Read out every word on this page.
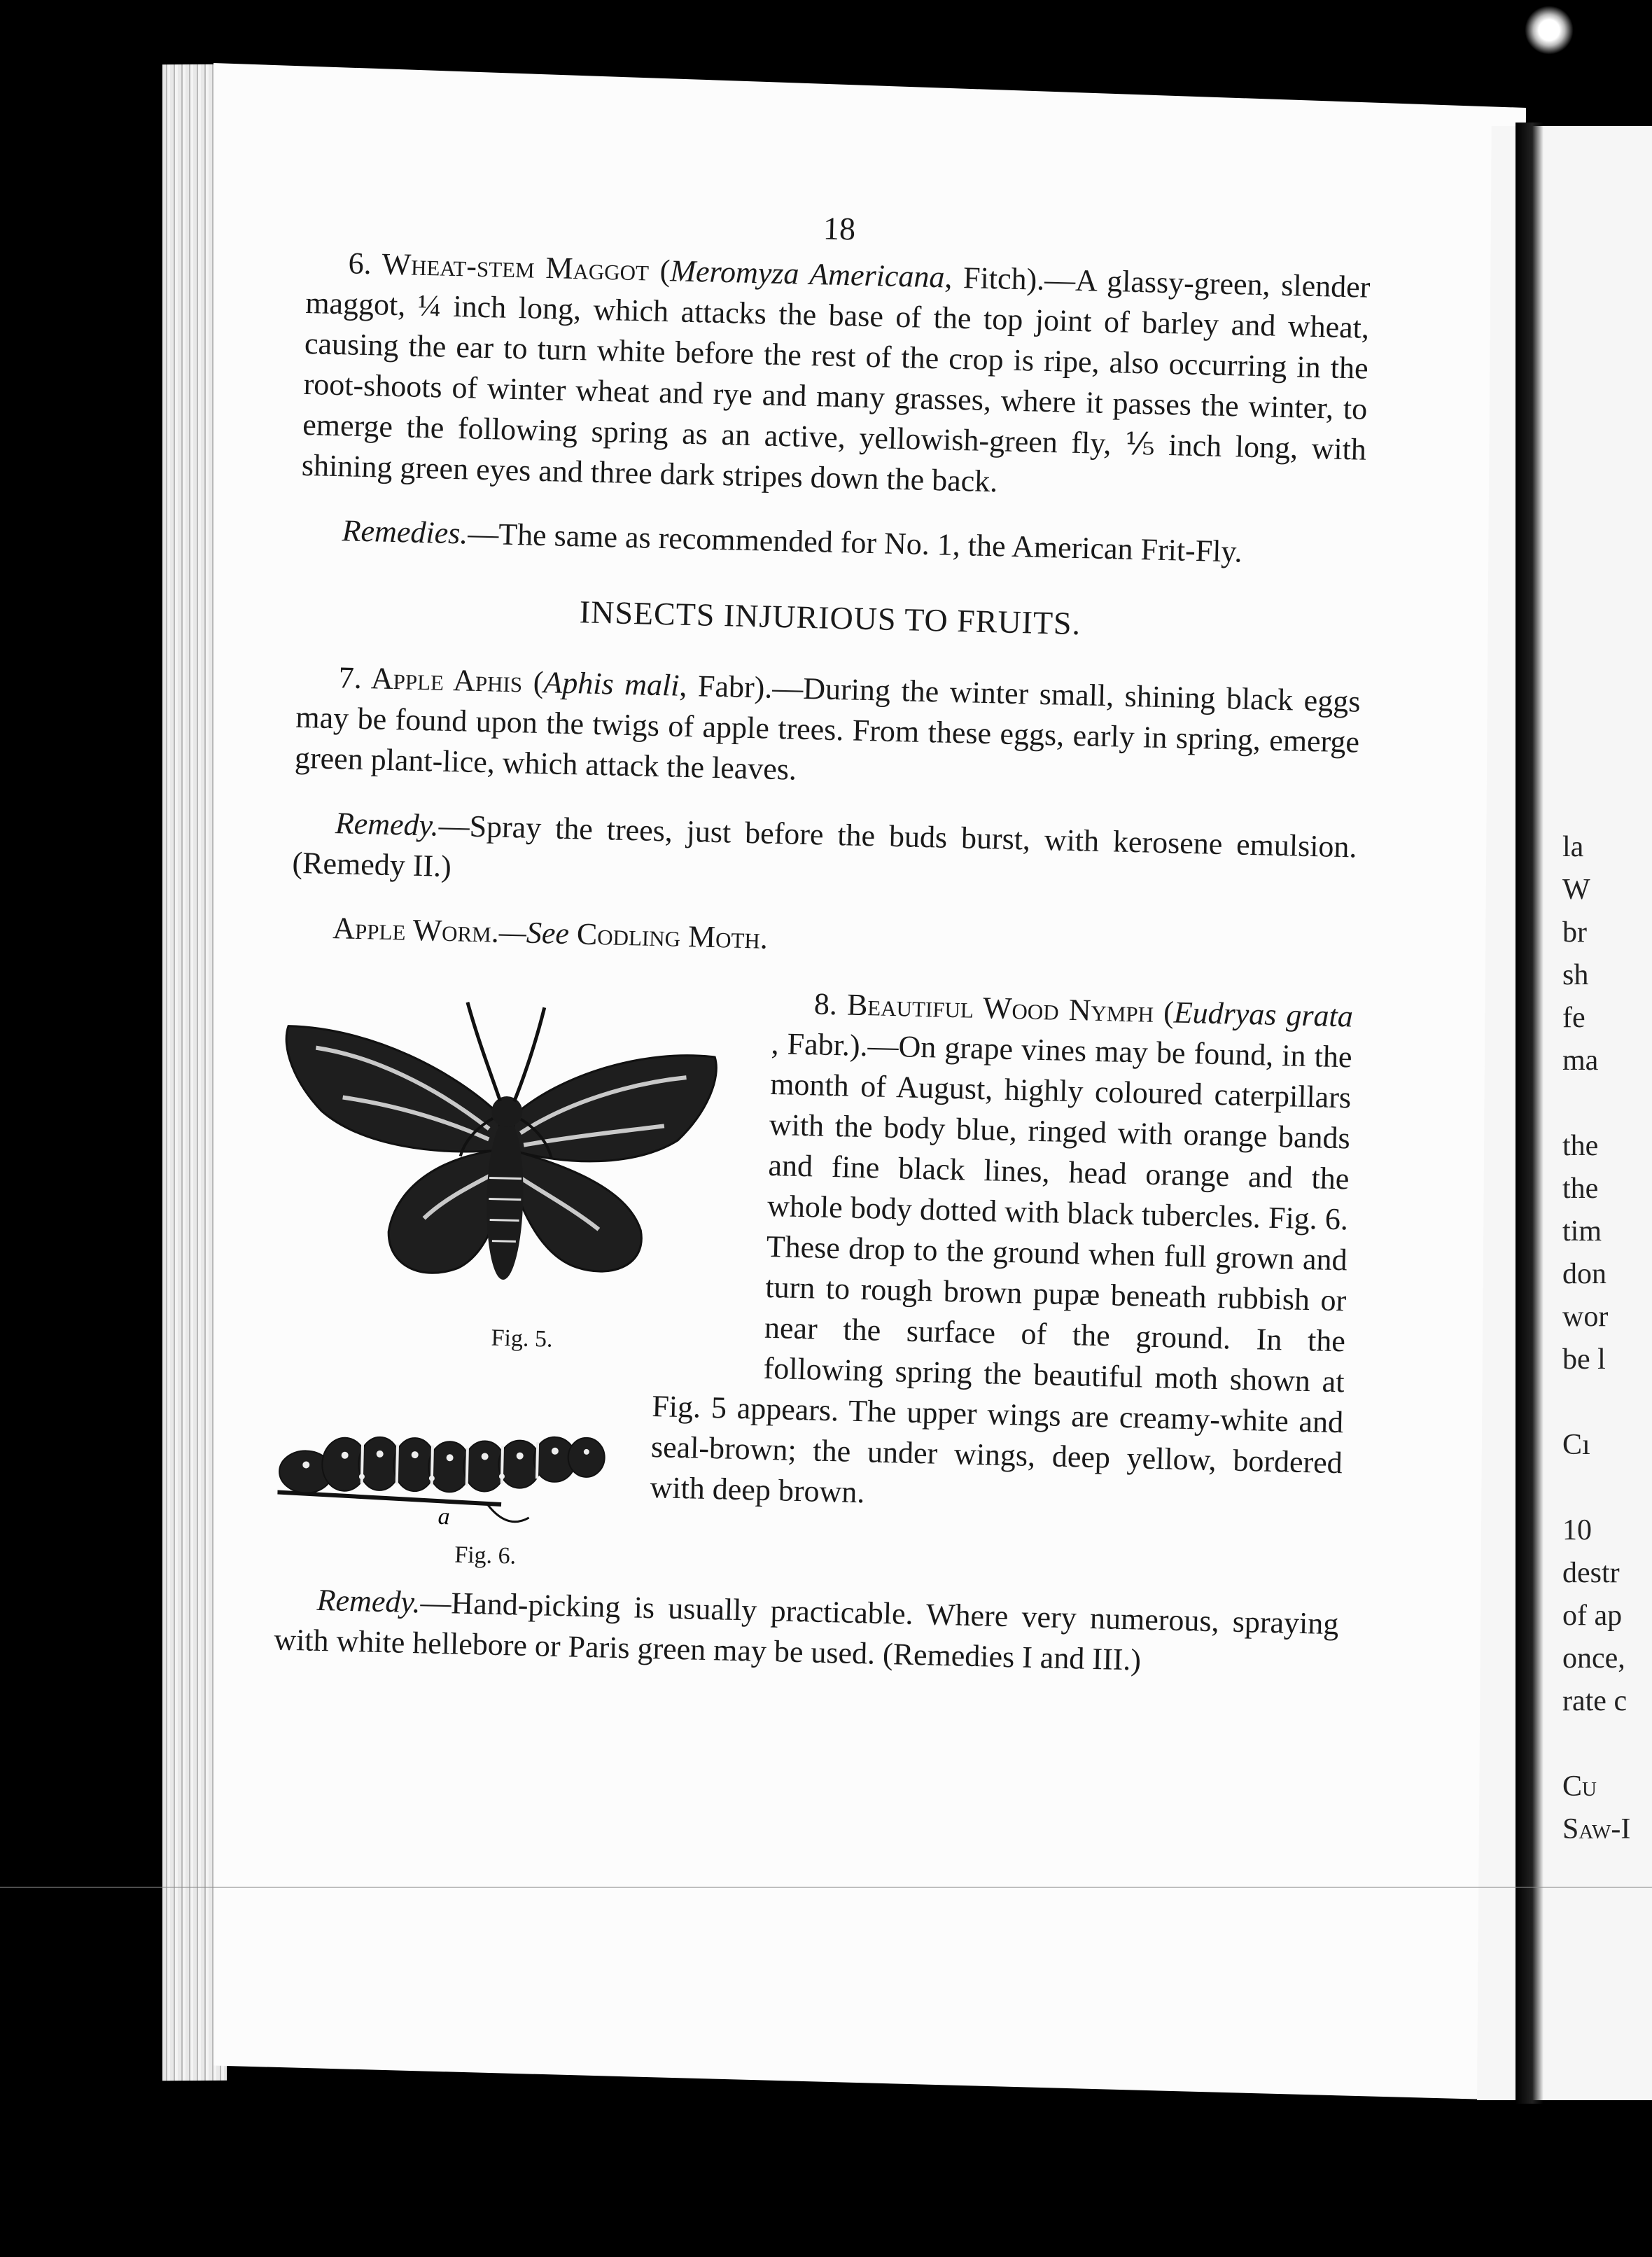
18

6. Wheat-stem Maggot (Meromyza Americana, Fitch).—A glassy-green, slender maggot, ¼ inch long, which attacks the base of the top joint of barley and wheat, causing the ear to turn white before the rest of the crop is ripe, also occurring in the root-shoots of winter wheat and rye and many grasses, where it passes the winter, to emerge the following spring as an active, yellowish-green fly, ⅕ inch long, with shining green eyes and three dark stripes down the back.

Remedies.—The same as recommended for No. 1, the American Frit-Fly.

INSECTS INJURIOUS TO FRUITS.

7. Apple Aphis (Aphis mali, Fabr).—During the winter small, shining black eggs may be found upon the twigs of apple trees. From these eggs, early in spring, emerge green plant-lice, which attack the leaves.

Remedy.—Spray the trees, just before the buds burst, with kerosene emulsion. (Remedy II.)

Apple Worm.—See Codling Moth.

8. Beautiful Wood Nymph (Eudryas grata
Fig. 5.
, Fabr.).—On grape vines may be found, in the month of August, highly coloured caterpillars with the body blue, ringed with orange bands and fine black lines, head orange and the whole body dotted with black tubercles. Fig. 6. These drop to the ground when full grown and turn to rough brown pupæ beneath rubbish or near the surface of the ground. In the following spring the beautiful moth shown at Fig. 5 appears. The
a
Fig. 6.
upper wings are creamy-white and seal-brown; the under wings, deep yellow, bordered with deep brown.

Remedy.—Hand-picking is usually practicable. Where very numerous, spraying with white hellebore or Paris green may be used. (Remedies I and III.)

la
W
br
sh
fe
ma

the
the
tim
don
wor
be l

Cı

10
destr
of ap
once,
rate c

Cu
Saw-I
